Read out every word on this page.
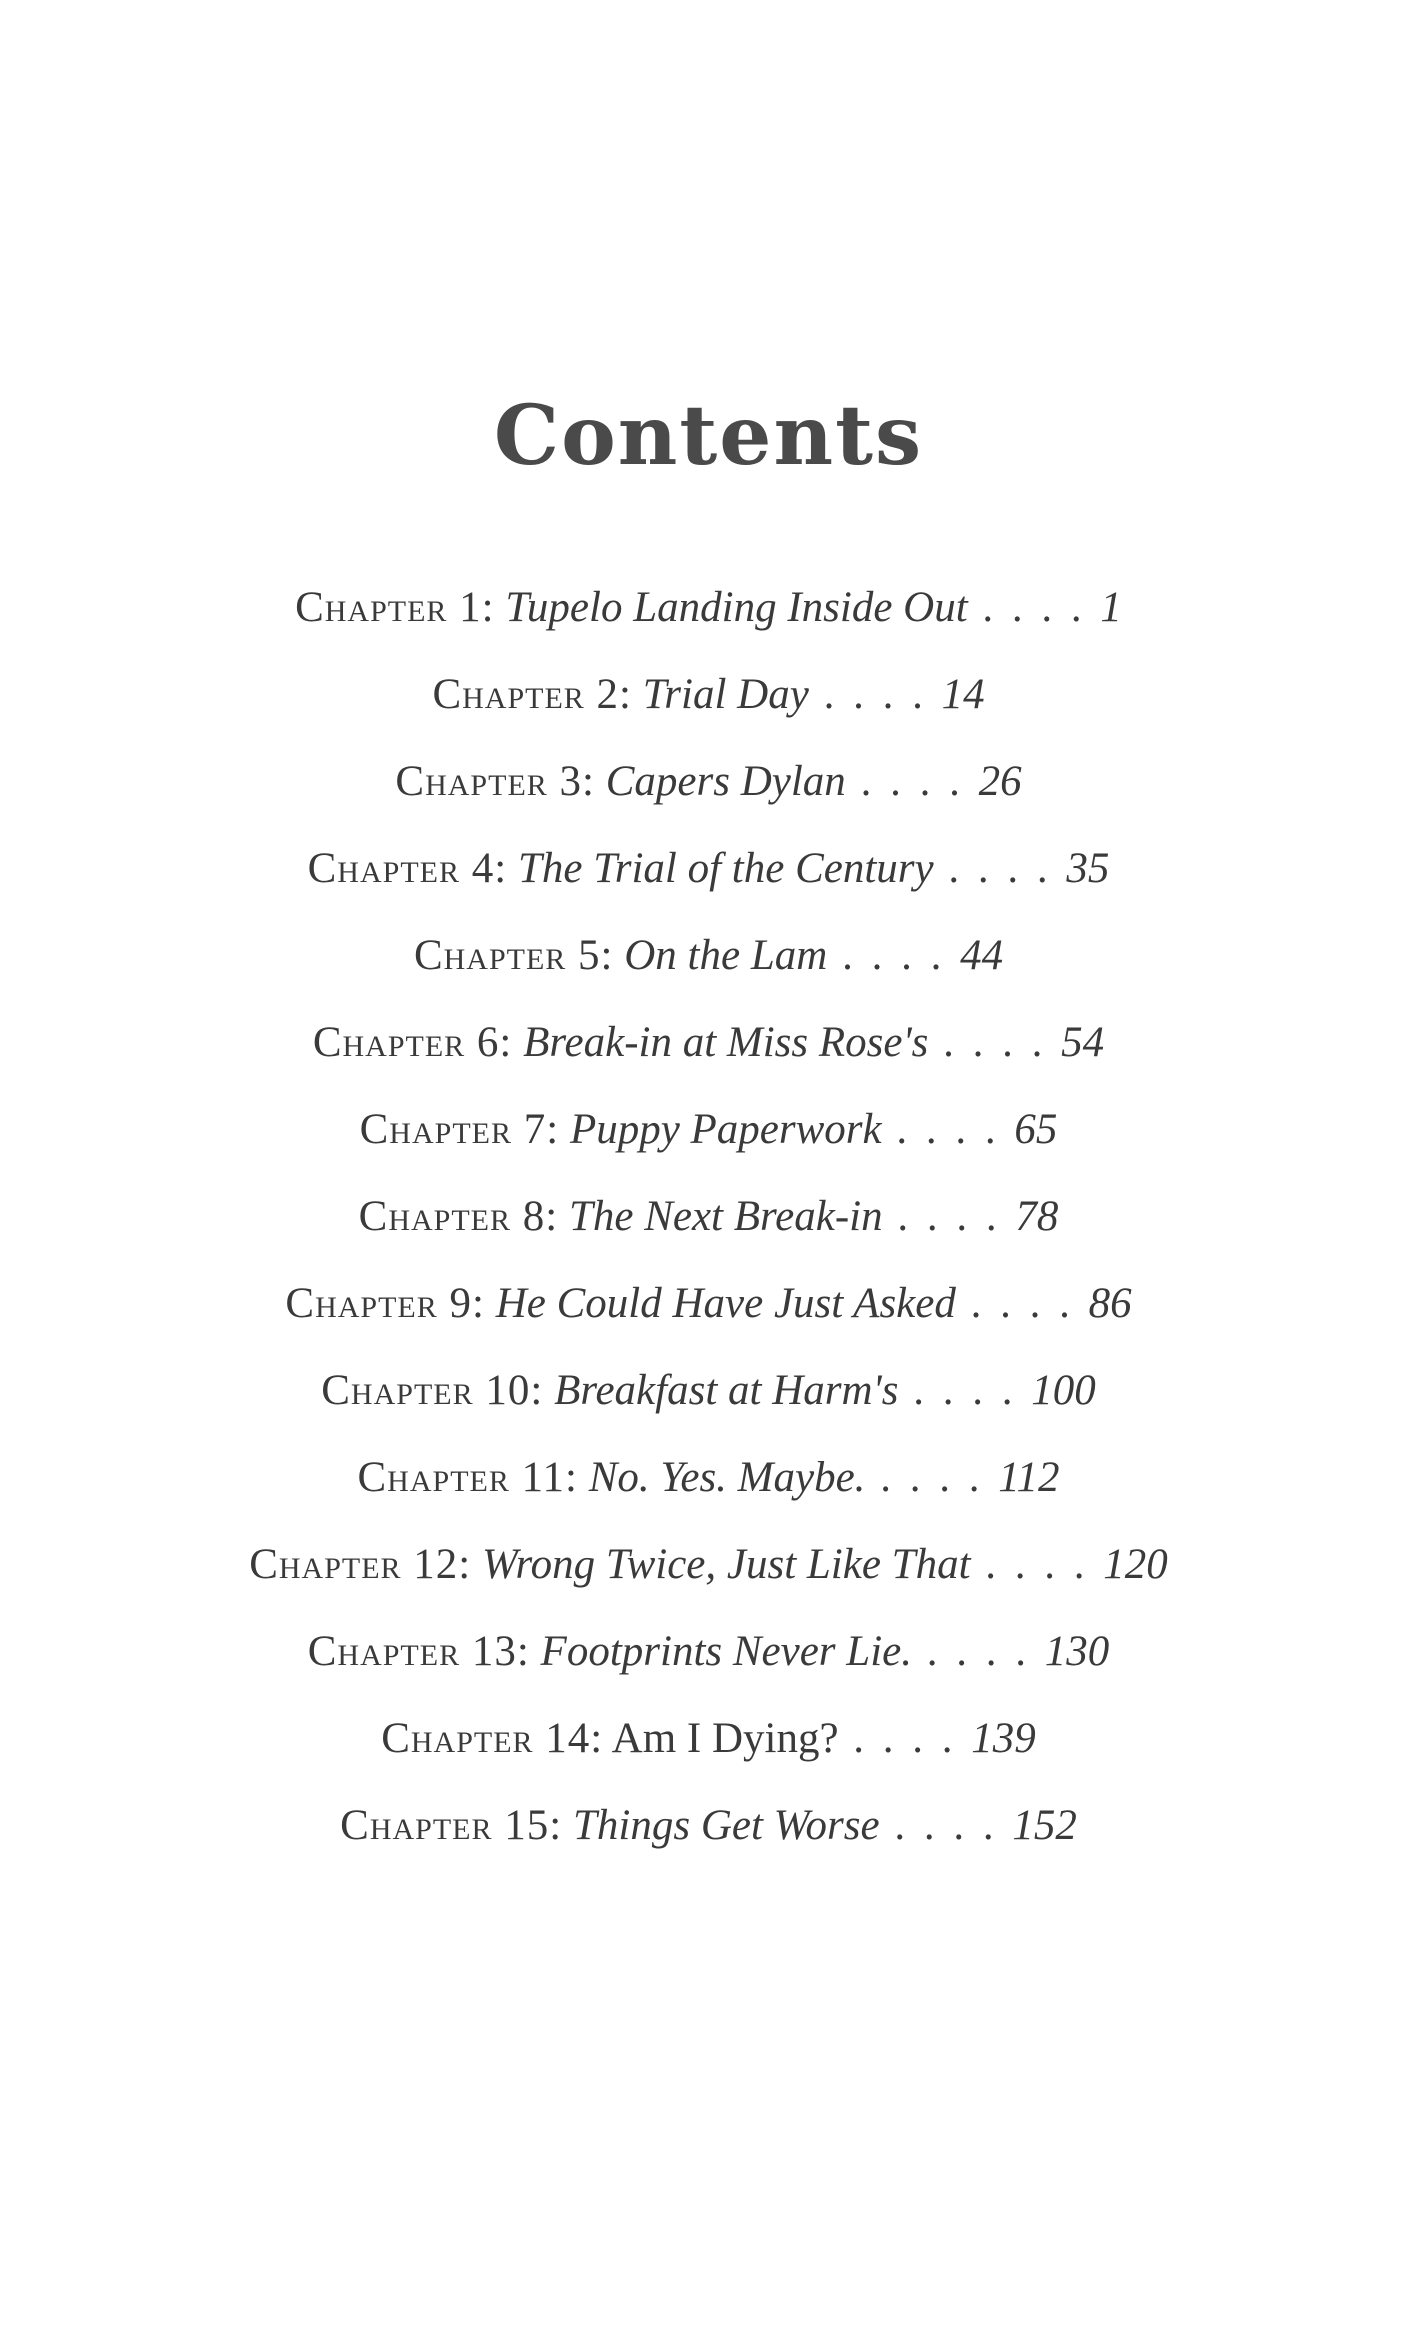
Contents
Chapter 1: Tupelo Landing Inside Out . . . . 1
Chapter 2: Trial Day . . . . 14
Chapter 3: Capers Dylan . . . . 26
Chapter 4: The Trial of the Century . . . . 35
Chapter 5: On the Lam . . . . 44
Chapter 6: Break-in at Miss Rose's . . . . 54
Chapter 7: Puppy Paperwork . . . . 65
Chapter 8: The Next Break-in . . . . 78
Chapter 9: He Could Have Just Asked . . . . 86
Chapter 10: Breakfast at Harm's . . . . 100
Chapter 11: No. Yes. Maybe. . . . . 112
Chapter 12: Wrong Twice, Just Like That . . . . 120
Chapter 13: Footprints Never Lie. . . . . 130
Chapter 14: Am I Dying? . . . . 139
Chapter 15: Things Get Worse . . . . 152
